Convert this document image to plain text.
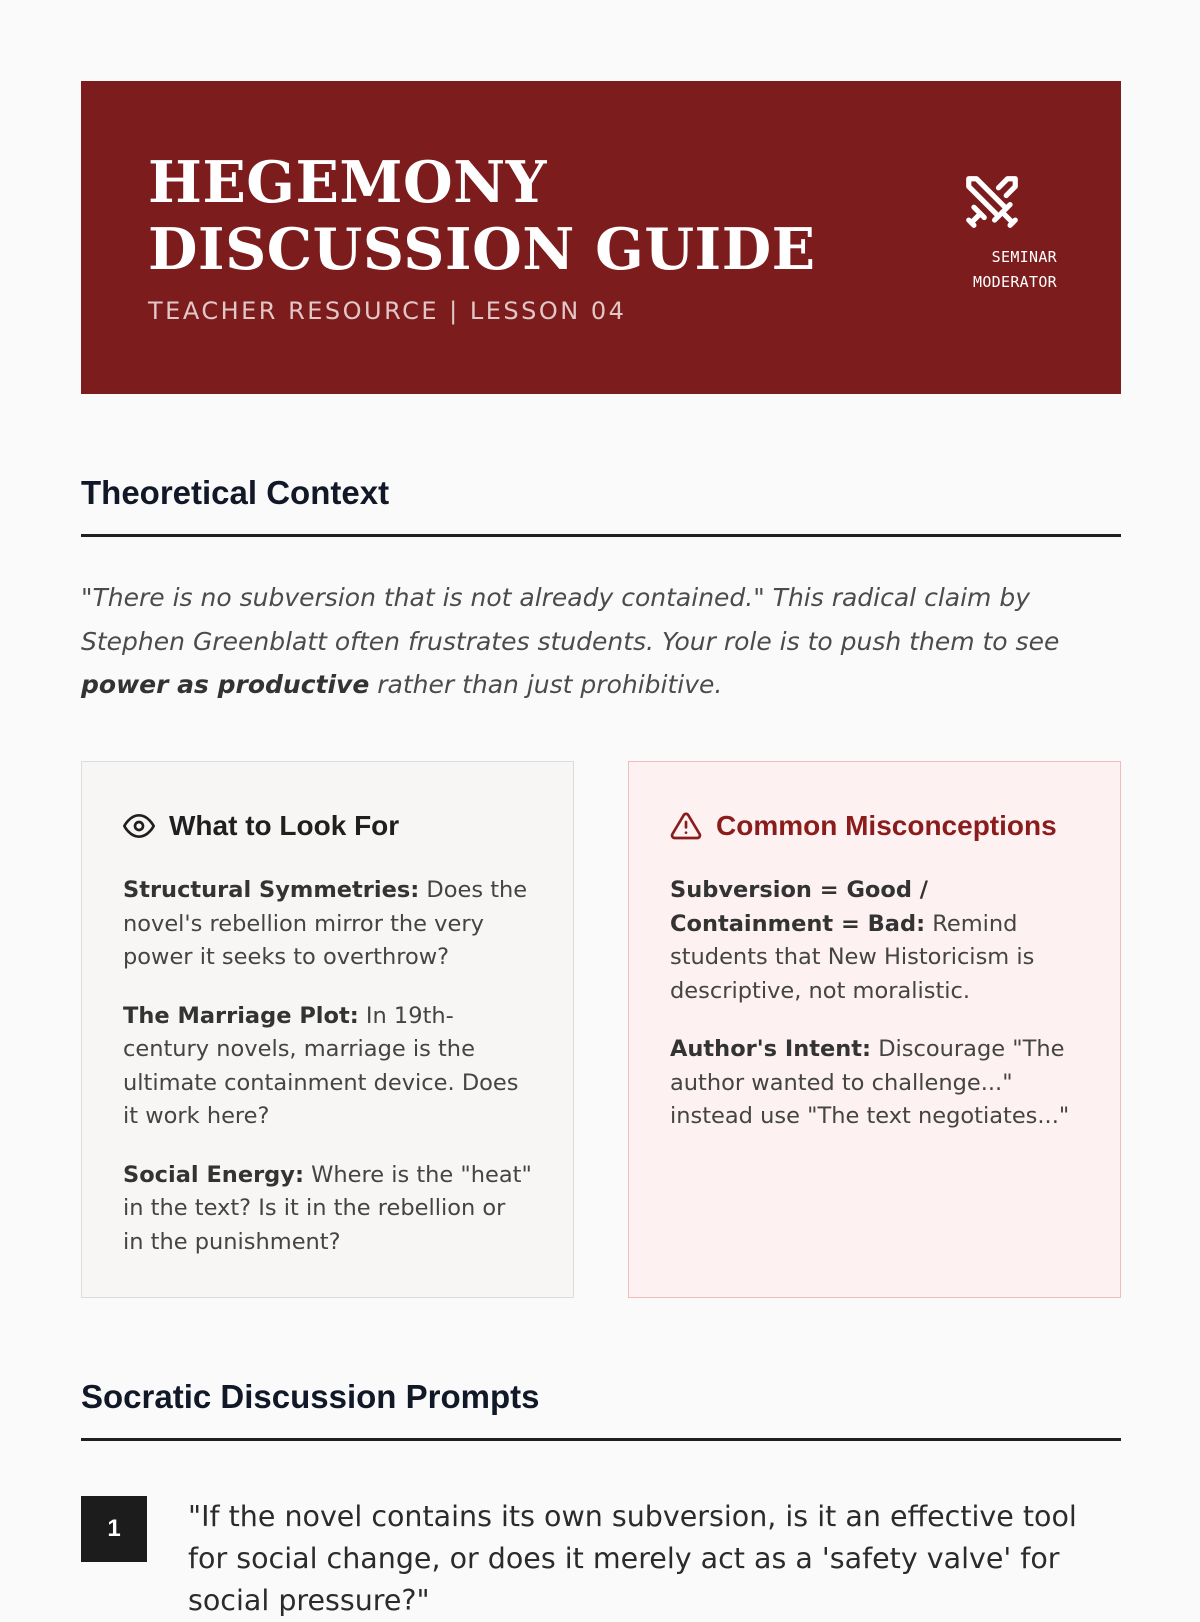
HEGEMONY DISCUSSION GUIDE
TEACHER RESOURCE | LESSON 04
SEMINAR
MODERATOR
Theoretical Context

"There is no subversion that is not already contained." This radical claim by Stephen Greenblatt often frustrates students. Your role is to push them to see power as productive rather than just prohibitive.

What to Look For

Structural Symmetries: Does the novel's rebellion mirror the very power it seeks to overthrow?

The Marriage Plot: In 19th-century novels, marriage is the ultimate containment device. Does it work here?

Social Energy: Where is the "heat" in the text? Is it in the rebellion or in the punishment?

Common Misconceptions

Subversion = Good / Containment = Bad: Remind students that New Historicism is descriptive, not moralistic.

Author's Intent: Discourage "The author wanted to challenge..." instead use "The text negotiates..."

Socratic Discussion Prompts
1	"If the novel contains its own subversion, is it an effective tool for social change, or does it merely act as a 'safety valve' for social pressure?"
